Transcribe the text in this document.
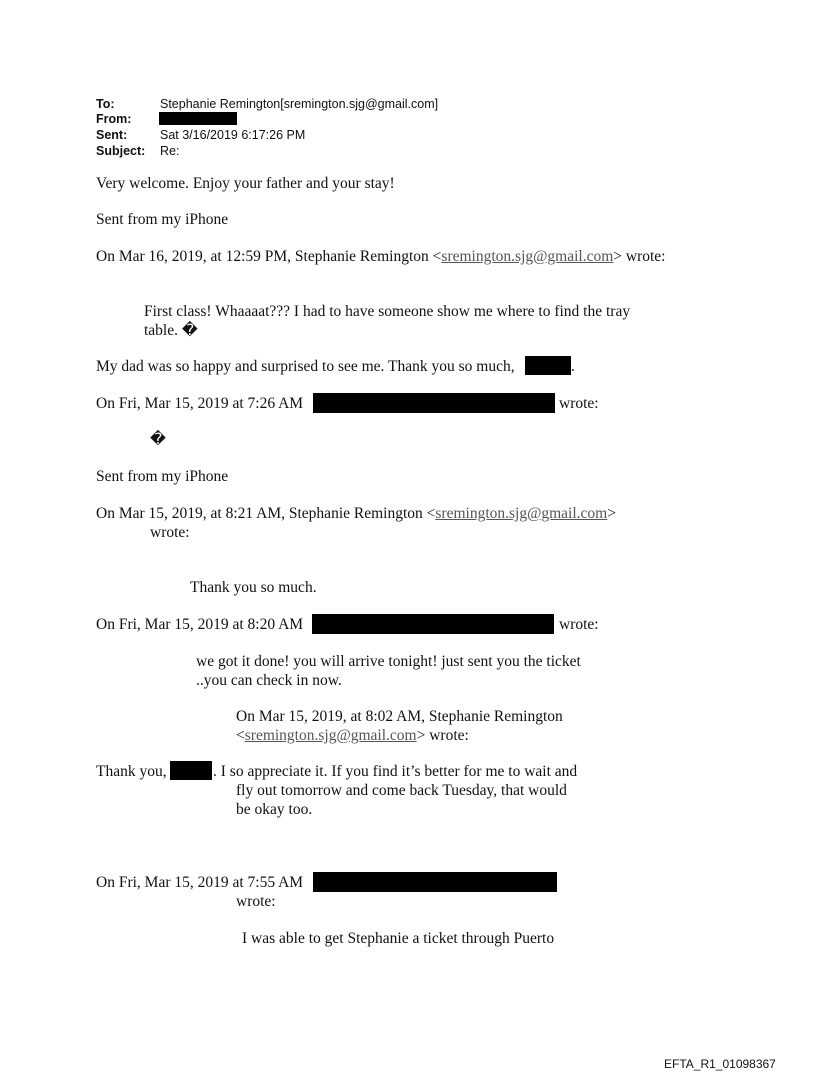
To:	Stephanie Remington[sremington.sjg@gmail.com]
From:
Sent:	Sat 3/16/2019 6:17:26 PM
Subject: Re:
Very welcome. Enjoy your father and your stay!
Sent from my iPhone
On Mar 16, 2019, at 12:59 PM, Stephanie Remington <sremington.sjg@gmail.com> wrote:
First class! Whaaaat??? I had to have someone show me where to find the tray
table. �
My dad was so happy and surprised to see me. Thank you so much,	.
On Fri, Mar 15, 2019 at 7:26 AM	wrote:
�
Sent from my iPhone
On Mar 15, 2019, at 8:21 AM, Stephanie Remington <sremington.sjg@gmail.com>
wrote:
Thank you so much.
On Fri, Mar 15, 2019 at 8:20 AM	wrote:
we got it done! you will arrive tonight! just sent you the ticket
..you can check in now.
On Mar 15, 2019, at 8:02 AM, Stephanie Remington
<sremington.sjg@gmail.com> wrote:
Thank you,	. I so appreciate it. If you find it’s better for me to wait and
fly out tomorrow and come back Tuesday, that would
be okay too.
On Fri, Mar 15, 2019 at 7:55 AM
wrote:
I was able to get Stephanie a ticket through Puerto
EFTA_R1_01098367
